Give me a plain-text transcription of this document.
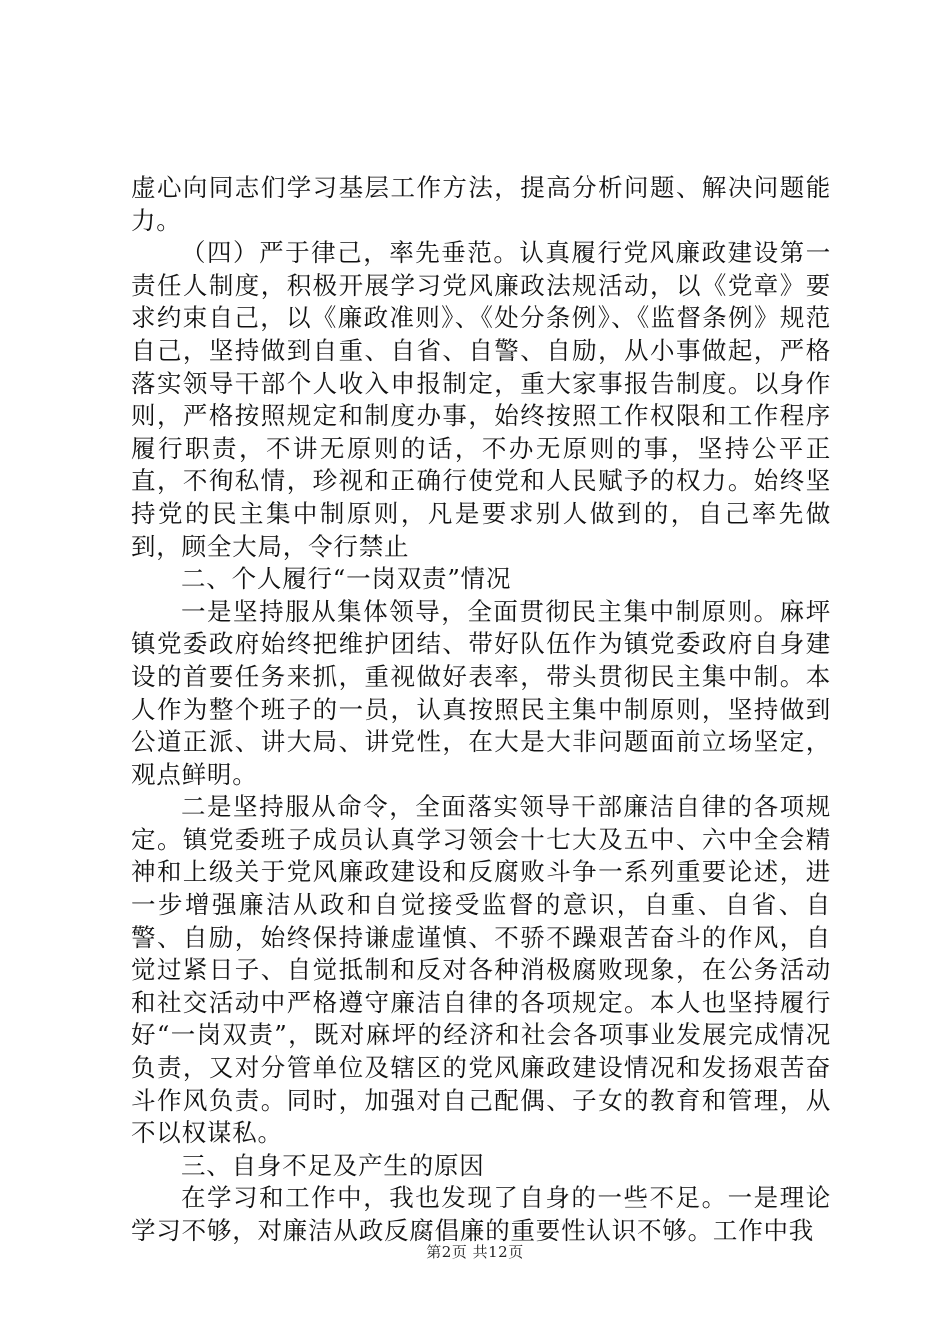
虚心向同志们学习基层工作方法，提高分析问题、解决问题能力。

（四）严于律己，率先垂范。认真履行党风廉政建设第一责任人制度，积极开展学习党风廉政法规活动，以《党章》要求约束自己，以《廉政准则》、《处分条例》、《监督条例》规范自己，坚持做到自重、自省、自警、自励，从小事做起，严格落实领导干部个人收入申报制定，重大家事报告制度。以身作则，严格按照规定和制度办事，始终按照工作权限和工作程序履行职责，不讲无原则的话，不办无原则的事，坚持公平正直，不徇私情，珍视和正确行使党和人民赋予的权力。始终坚持党的民主集中制原则，凡是要求别人做到的，自己率先做到，顾全大局，令行禁止

二、个人履行“一岗双责”情况

一是坚持服从集体领导，全面贯彻民主集中制原则。麻坪镇党委政府始终把维护团结、带好队伍作为镇党委政府自身建设的首要任务来抓，重视做好表率，带头贯彻民主集中制。本人作为整个班子的一员，认真按照民主集中制原则，坚持做到公道正派、讲大局、讲党性，在大是大非问题面前立场坚定，观点鲜明。

二是坚持服从命令，全面落实领导干部廉洁自律的各项规定。镇党委班子成员认真学习领会十七大及五中、六中全会精神和上级关于党风廉政建设和反腐败斗争一系列重要论述，进一步增强廉洁从政和自觉接受监督的意识，自重、自省、自警、自励，始终保持谦虚谨慎、不骄不躁艰苦奋斗的作风，自觉过紧日子、自觉抵制和反对各种消极腐败现象，在公务活动和社交活动中严格遵守廉洁自律的各项规定。本人也坚持履行好“一岗双责”，既对麻坪的经济和社会各项事业发展完成情况负责，又对分管单位及辖区的党风廉政建设情况和发扬艰苦奋斗作风负责。同时，加强对自己配偶、子女的教育和管理，从不以权谋私。

三、自身不足及产生的原因

在学习和工作中，我也发现了自身的一些不足。一是理论学习不够，对廉洁从政反腐倡廉的重要性认识不够。工作中我

第2页 共12页
